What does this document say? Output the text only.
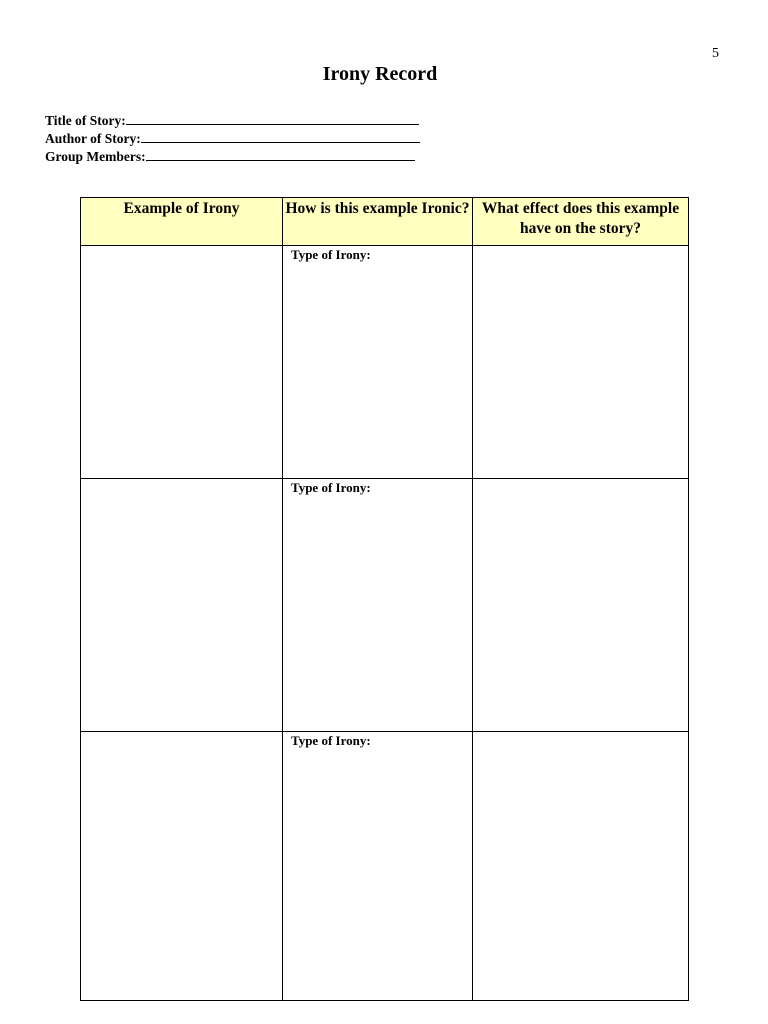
5
Irony Record
Title of Story:
Author of Story:
Group Members:
Example of Irony	How is this example Ironic?	What effect does this example have on the story?

	Type of Irony:	

	Type of Irony:	

	Type of Irony:	
